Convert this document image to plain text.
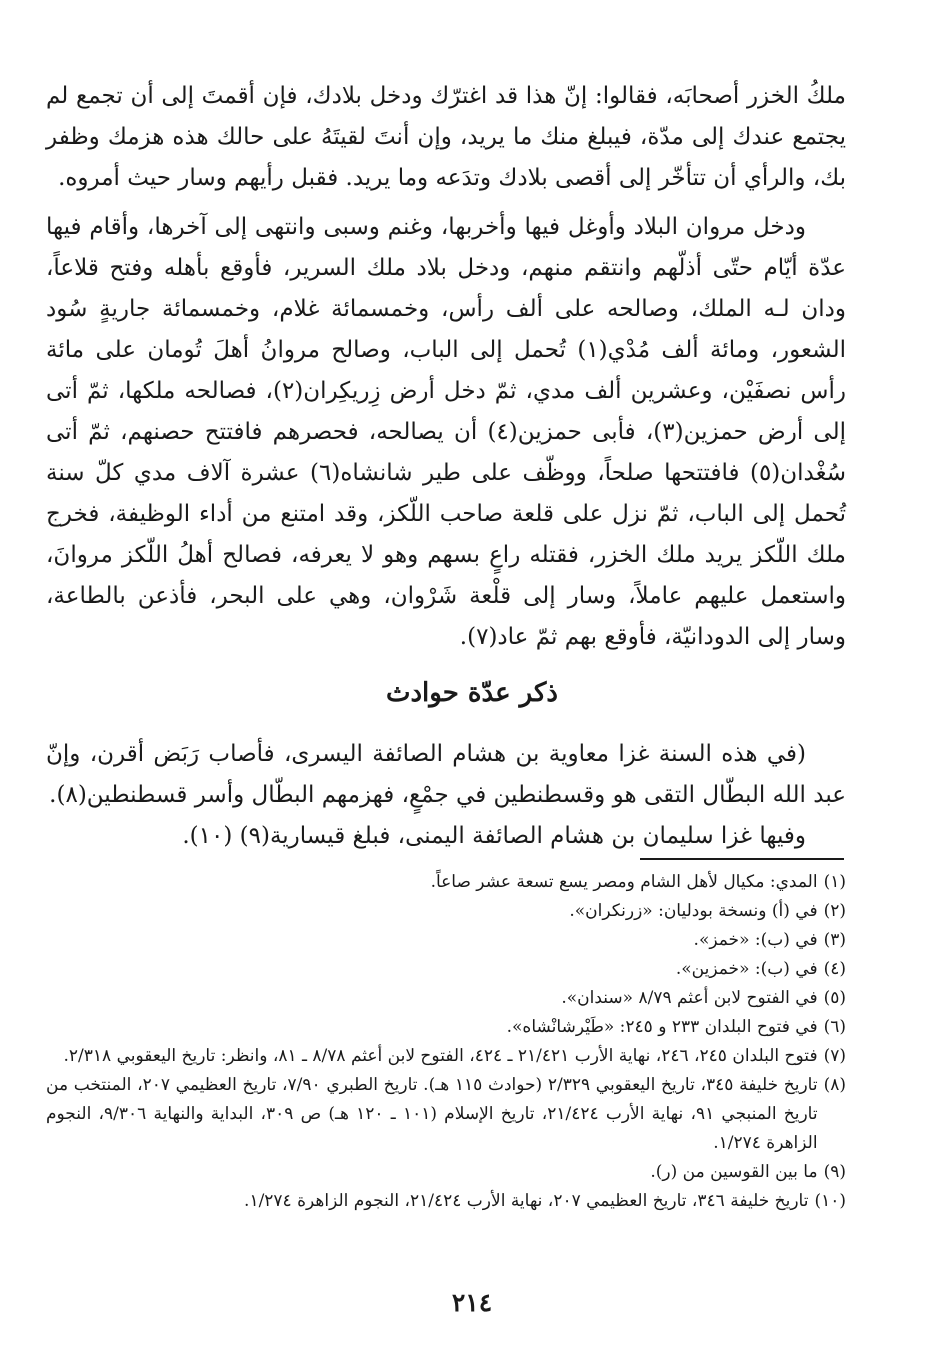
ملكُ الخزر أصحابَه، فقالوا: إنّ هذا قد اغترّك ودخل بلادك، فإن أقمتَ إلى أن تجمع لم يجتمع عندك إلى مدّة، فيبلغ منك ما يريد، وإن أنتَ لقيتَهُ على حالك هذه هزمك وظفر بك، والرأي أن تتأخّر إلى أقصى بلادك وتدَعه وما يريد. فقبل رأيهم وسار حيث أمروه.

ودخل مروان البلاد وأوغل فيها وأخربها، وغنم وسبى وانتهى إلى آخرها، وأقام فيها عدّة أيّام حتّى أذلّهم وانتقم منهم، ودخل بلاد ملك السرير، فأوقع بأهله وفتح قلاعاً، ودان لـه الملك، وصالحه على ألف رأس، وخمسمائة غلام، وخمسمائة جاريةٍ سُود الشعور، ومائة ألف مُدْي(١) تُحمل إلى الباب، وصالح مروانُ أهلَ تُومان على مائة رأس نصفَيْن، وعشرين ألف مدي، ثمّ دخل أرض زِريكِران(٢)، فصالحه ملكها، ثمّ أتى إلى أرض حمزين(٣)، فأبى حمزين(٤) أن يصالحه، فحصرهم فافتتح حصنهم، ثمّ أتى سُغْدان(٥) فافتتحها صلحاً، ووظّف على طير شانشاه(٦) عشرة آلاف مدي كلّ سنة تُحمل إلى الباب، ثمّ نزل على قلعة صاحب اللّكز، وقد امتنع من أداء الوظيفة، فخرج ملك اللّكز يريد ملك الخزر، فقتله راعٍ بسهم وهو لا يعرفه، فصالح أهلُ اللّكز مروانَ، واستعمل عليهم عاملاً، وسار إلى قلْعة شَرْوان، وهي على البحر، فأذعن بالطاعة، وسار إلى الدودانيّة، فأوقع بهم ثمّ عاد(٧).

ذكر عدّة حوادث

(في هذه السنة غزا معاوية بن هشام الصائفة اليسرى، فأصاب رَبَض أقرن، وإنّ عبد الله البطّال التقى هو وقسطنطين في جمْعٍ، فهزمهم البطّال وأسر قسطنطين(٨).

وفيها غزا سليمان بن هشام الصائفة اليمنى، فبلغ قيسارية(٩) (١٠).

(١)
المدي: مكيال لأهل الشام ومصر يسع تسعة عشر صاعاً.
(٢)
في (أ) ونسخة بودليان: «زرنكران».
(٣)
في (ب): «خمز».
(٤)
في (ب): «خمزين».
(٥)
في الفتوح لابن أعثم ٨/٧٩ «سندان».
(٦)
في فتوح البلدان ٢٣٣ و ٢٤٥: «طَيْرشانْشاه».
(٧)
فتوح البلدان ٢٤٥، ٢٤٦، نهاية الأرب ٢١/٤٢١ ـ ٤٢٤، الفتوح لابن أعثم ٨/٧٨ ـ ٨١، وانظر: تاريخ اليعقوبي ٢/٣١٨.
(٨)
تاريخ خليفة ٣٤٥، تاريخ اليعقوبي ٢/٣٢٩ (حوادث ١١٥ هـ). تاريخ الطبري ٧/٩٠، تاريخ العظيمي ٢٠٧، المنتخب من تاريخ المنبجي ٩١، نهاية الأرب ٢١/٤٢٤، تاريخ الإسلام (١٠١ ـ ١٢٠ هـ) ص ٣٠٩، البداية والنهاية ٩/٣٠٦، النجوم الزاهرة ١/٢٧٤.
(٩)
ما بين القوسين من (ر).
(١٠)
تاريخ خليفة ٣٤٦، تاريخ العظيمي ٢٠٧، نهاية الأرب ٢١/٤٢٤، النجوم الزاهرة ١/٢٧٤.
٢١٤
